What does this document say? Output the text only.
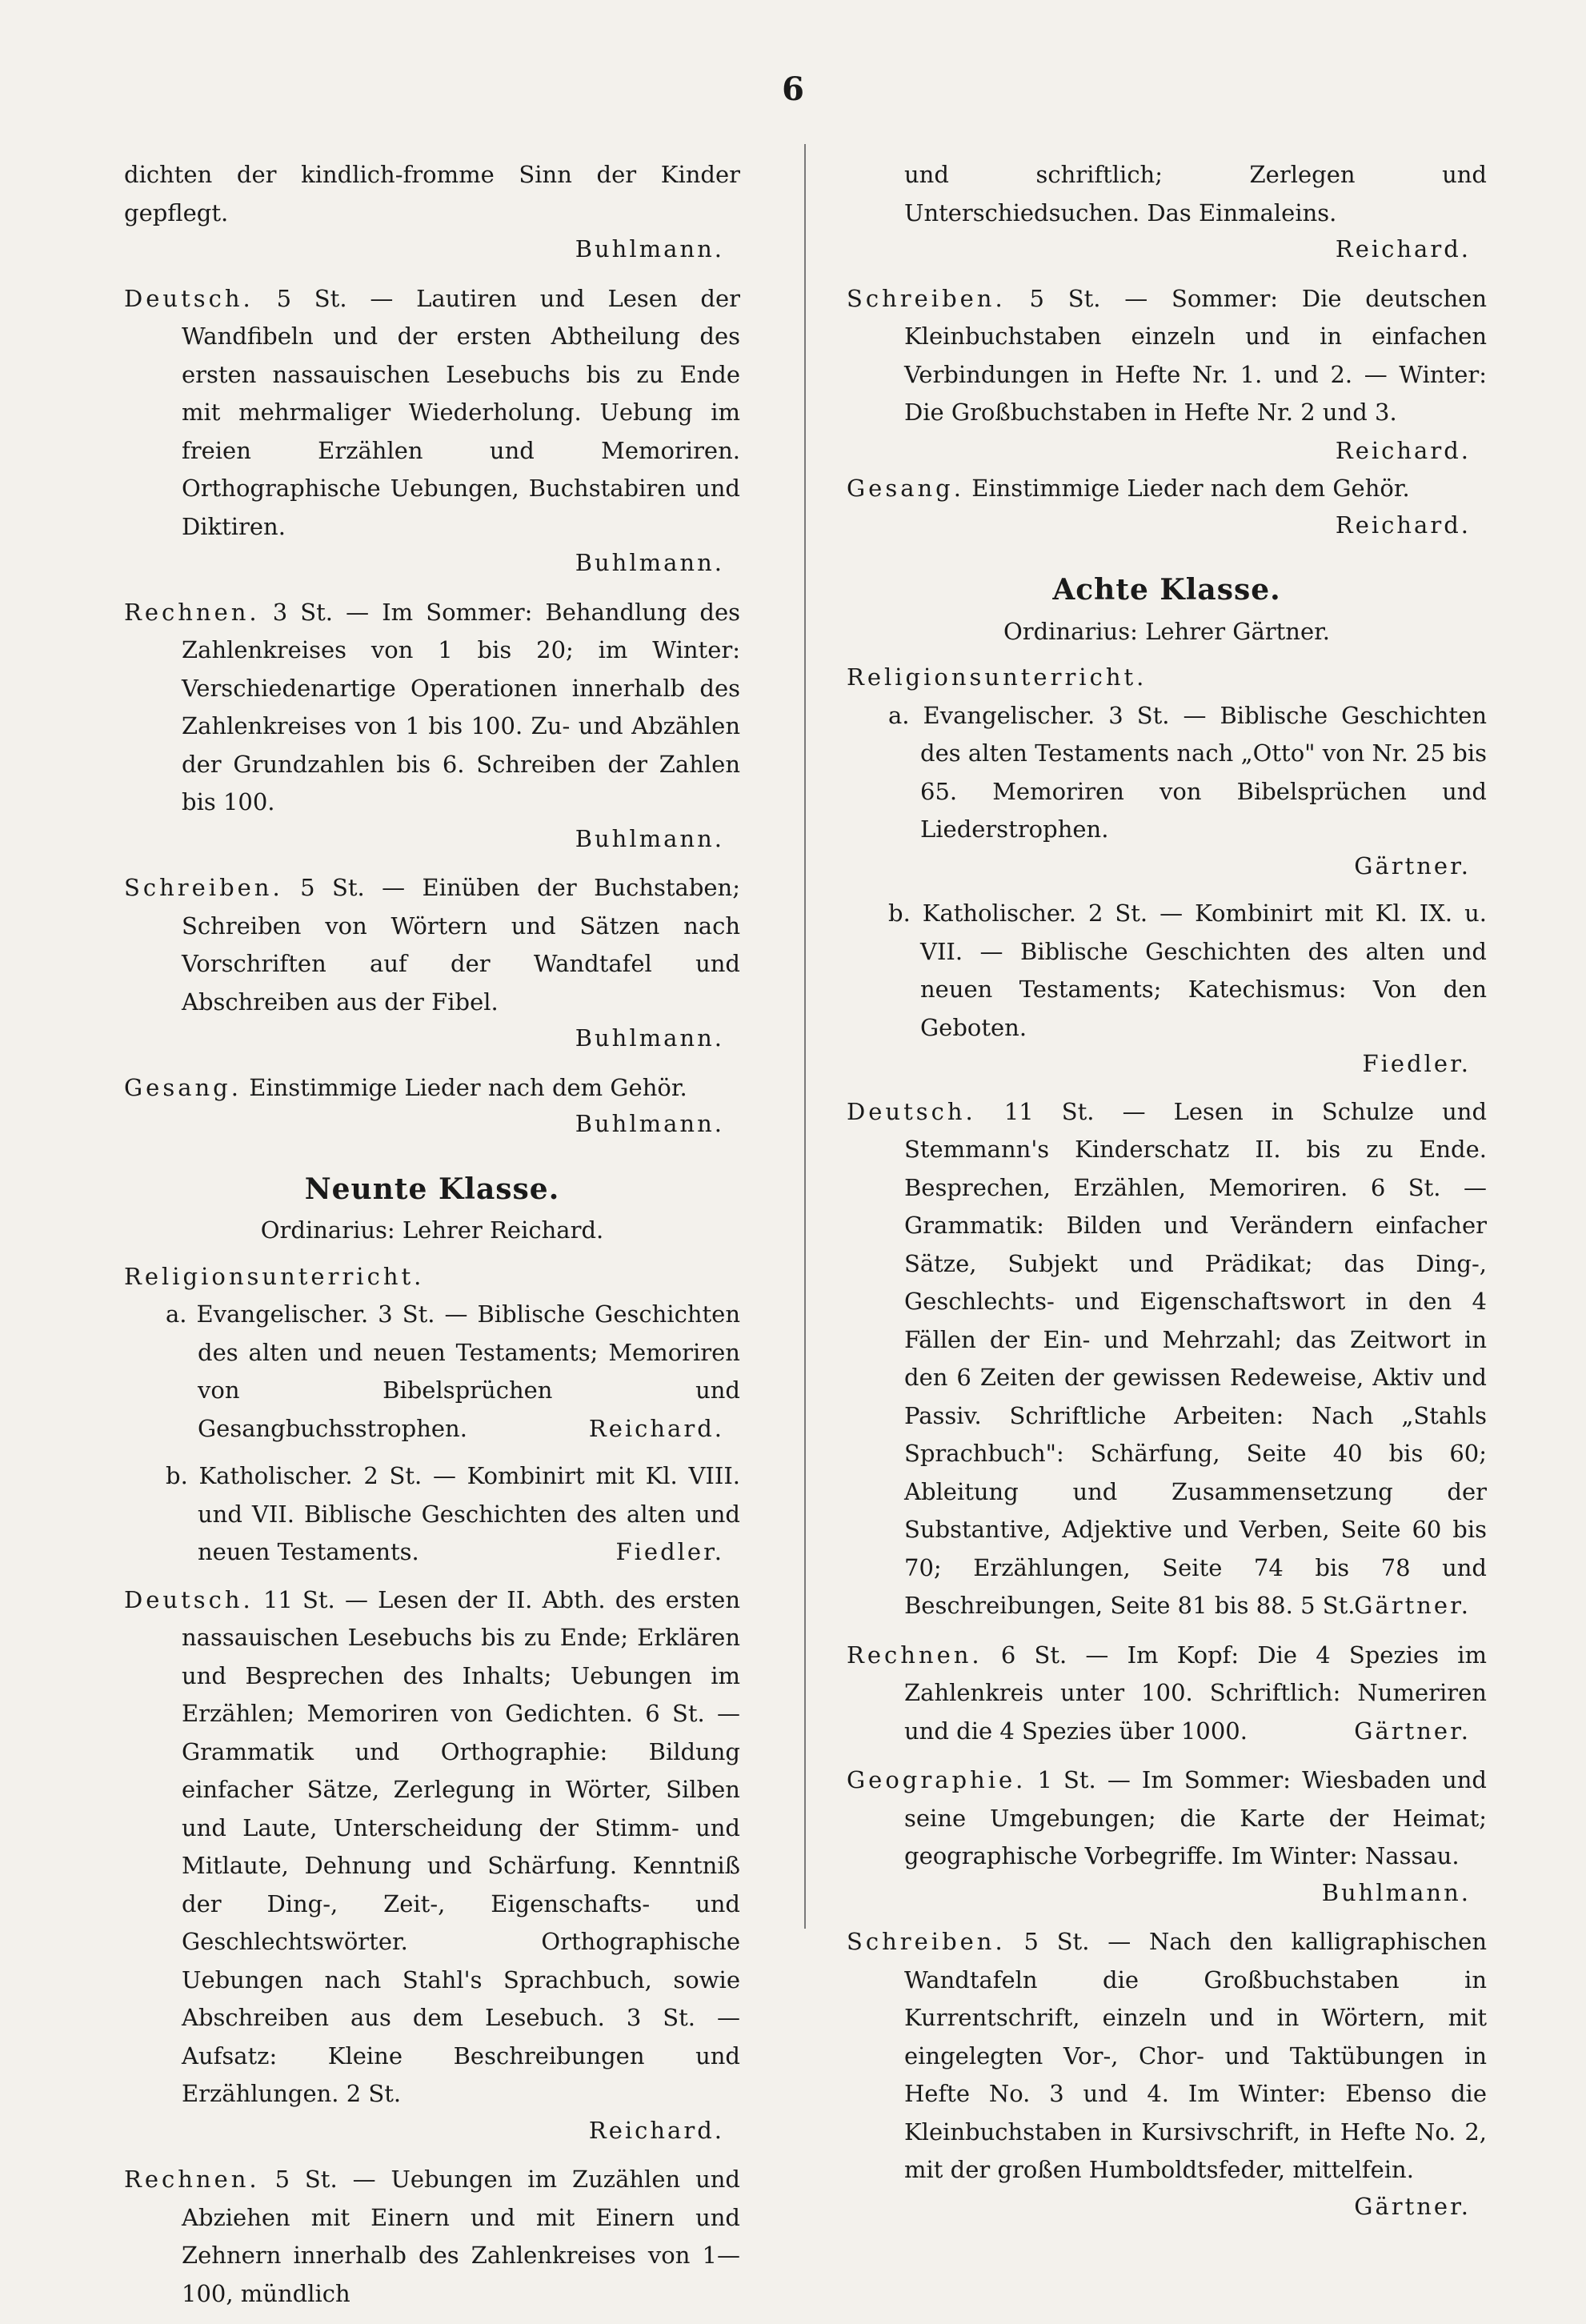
6
dichten der kindlich-fromme Sinn der Kinder gepflegt.
Buhlmann.
Deutsch. 5 St. — Lautiren und Lesen der Wandfibeln und der ersten Abtheilung des ersten nassauischen Lesebuchs bis zu Ende mit mehrmaliger Wiederholung. Uebung im freien Erzählen und Memoriren. Orthographische Uebungen, Buchstabiren und Diktiren.
Buhlmann.
Rechnen. 3 St. — Im Sommer: Behandlung des Zahlenkreises von 1 bis 20; im Winter: Verschiedenartige Operationen innerhalb des Zahlenkreises von 1 bis 100. Zu- und Abzählen der Grundzahlen bis 6. Schreiben der Zahlen bis 100.
Buhlmann.
Schreiben. 5 St. — Einüben der Buchstaben; Schreiben von Wörtern und Sätzen nach Vorschriften auf der Wandtafel und Abschreiben aus der Fibel.
Buhlmann.
Gesang. Einstimmige Lieder nach dem Gehör.
Buhlmann.
Neunte Klasse.
Ordinarius: Lehrer Reichard.
Religionsunterricht.
a. Evangelischer. 3 St. — Biblische Geschichten des alten und neuen Testaments; Memoriren von Bibelsprüchen und Gesangbuchsstrophen.	Reichard.
b. Katholischer. 2 St. — Kombinirt mit Kl. VIII. und VII. Biblische Geschichten des alten und neuen Testaments.	Fiedler.
Deutsch. 11 St. — Lesen der II. Abth. des ersten nassauischen Lesebuchs bis zu Ende; Erklären und Besprechen des Inhalts; Uebungen im Erzählen; Memoriren von Gedichten. 6 St. — Grammatik und Orthographie: Bildung einfacher Sätze, Zerlegung in Wörter, Silben und Laute, Unterscheidung der Stimm- und Mitlaute, Dehnung und Schärfung. Kenntniß der Ding-, Zeit-, Eigenschafts- und Geschlechtswörter. Orthographische Uebungen nach Stahl's Sprachbuch, sowie Abschreiben aus dem Lesebuch. 3 St. — Aufsatz: Kleine Beschreibungen und Erzählungen. 2 St.
Reichard.
Rechnen. 5 St. — Uebungen im Zuzählen und Abziehen mit Einern und mit Einern und Zehnern innerhalb des Zahlenkreises von 1—100, mündlich
und schriftlich; Zerlegen und Unterschiedsuchen. Das Einmaleins.
Reichard.
Schreiben. 5 St. — Sommer: Die deutschen Kleinbuchstaben einzeln und in einfachen Verbindungen in Hefte Nr. 1. und 2. — Winter: Die Großbuchstaben in Hefte Nr. 2 und 3.
Reichard.
Gesang. Einstimmige Lieder nach dem Gehör.
Reichard.
Achte Klasse.
Ordinarius: Lehrer Gärtner.
Religionsunterricht.
a. Evangelischer. 3 St. — Biblische Geschichten des alten Testaments nach „Otto" von Nr. 25 bis 65. Memoriren von Bibelsprüchen und Liederstrophen.
Gärtner.
b. Katholischer. 2 St. — Kombinirt mit Kl. IX. u. VII. — Biblische Geschichten des alten und neuen Testaments; Katechismus: Von den Geboten.
Fiedler.
Deutsch. 11 St. — Lesen in Schulze und Stemmann's Kinderschatz II. bis zu Ende. Besprechen, Erzählen, Memoriren. 6 St. — Grammatik: Bilden und Verändern einfacher Sätze, Subjekt und Prädikat; das Ding-, Geschlechts- und Eigenschaftswort in den 4 Fällen der Ein- und Mehrzahl; das Zeitwort in den 6 Zeiten der gewissen Redeweise, Aktiv und Passiv. Schriftliche Arbeiten: Nach „Stahls Sprachbuch": Schärfung, Seite 40 bis 60; Ableitung und Zusammensetzung der Substantive, Adjektive und Verben, Seite 60 bis 70; Erzählungen, Seite 74 bis 78 und Beschreibungen, Seite 81 bis 88. 5 St.
Gärtner.
Rechnen. 6 St. — Im Kopf: Die 4 Spezies im Zahlenkreis unter 100. Schriftlich: Numeriren und die 4 Spezies über 1000.	Gärtner.
Geographie. 1 St. — Im Sommer: Wiesbaden und seine Umgebungen; die Karte der Heimat; geographische Vorbegriffe. Im Winter: Nassau.
Buhlmann.
Schreiben. 5 St. — Nach den kalligraphischen Wandtafeln die Großbuchstaben in Kurrentschrift, einzeln und in Wörtern, mit eingelegten Vor-, Chor- und Taktübungen in Hefte No. 3 und 4. Im Winter: Ebenso die Kleinbuchstaben in Kursivschrift, in Hefte No. 2, mit der großen Humboldtsfeder, mittelfein.
Gärtner.
